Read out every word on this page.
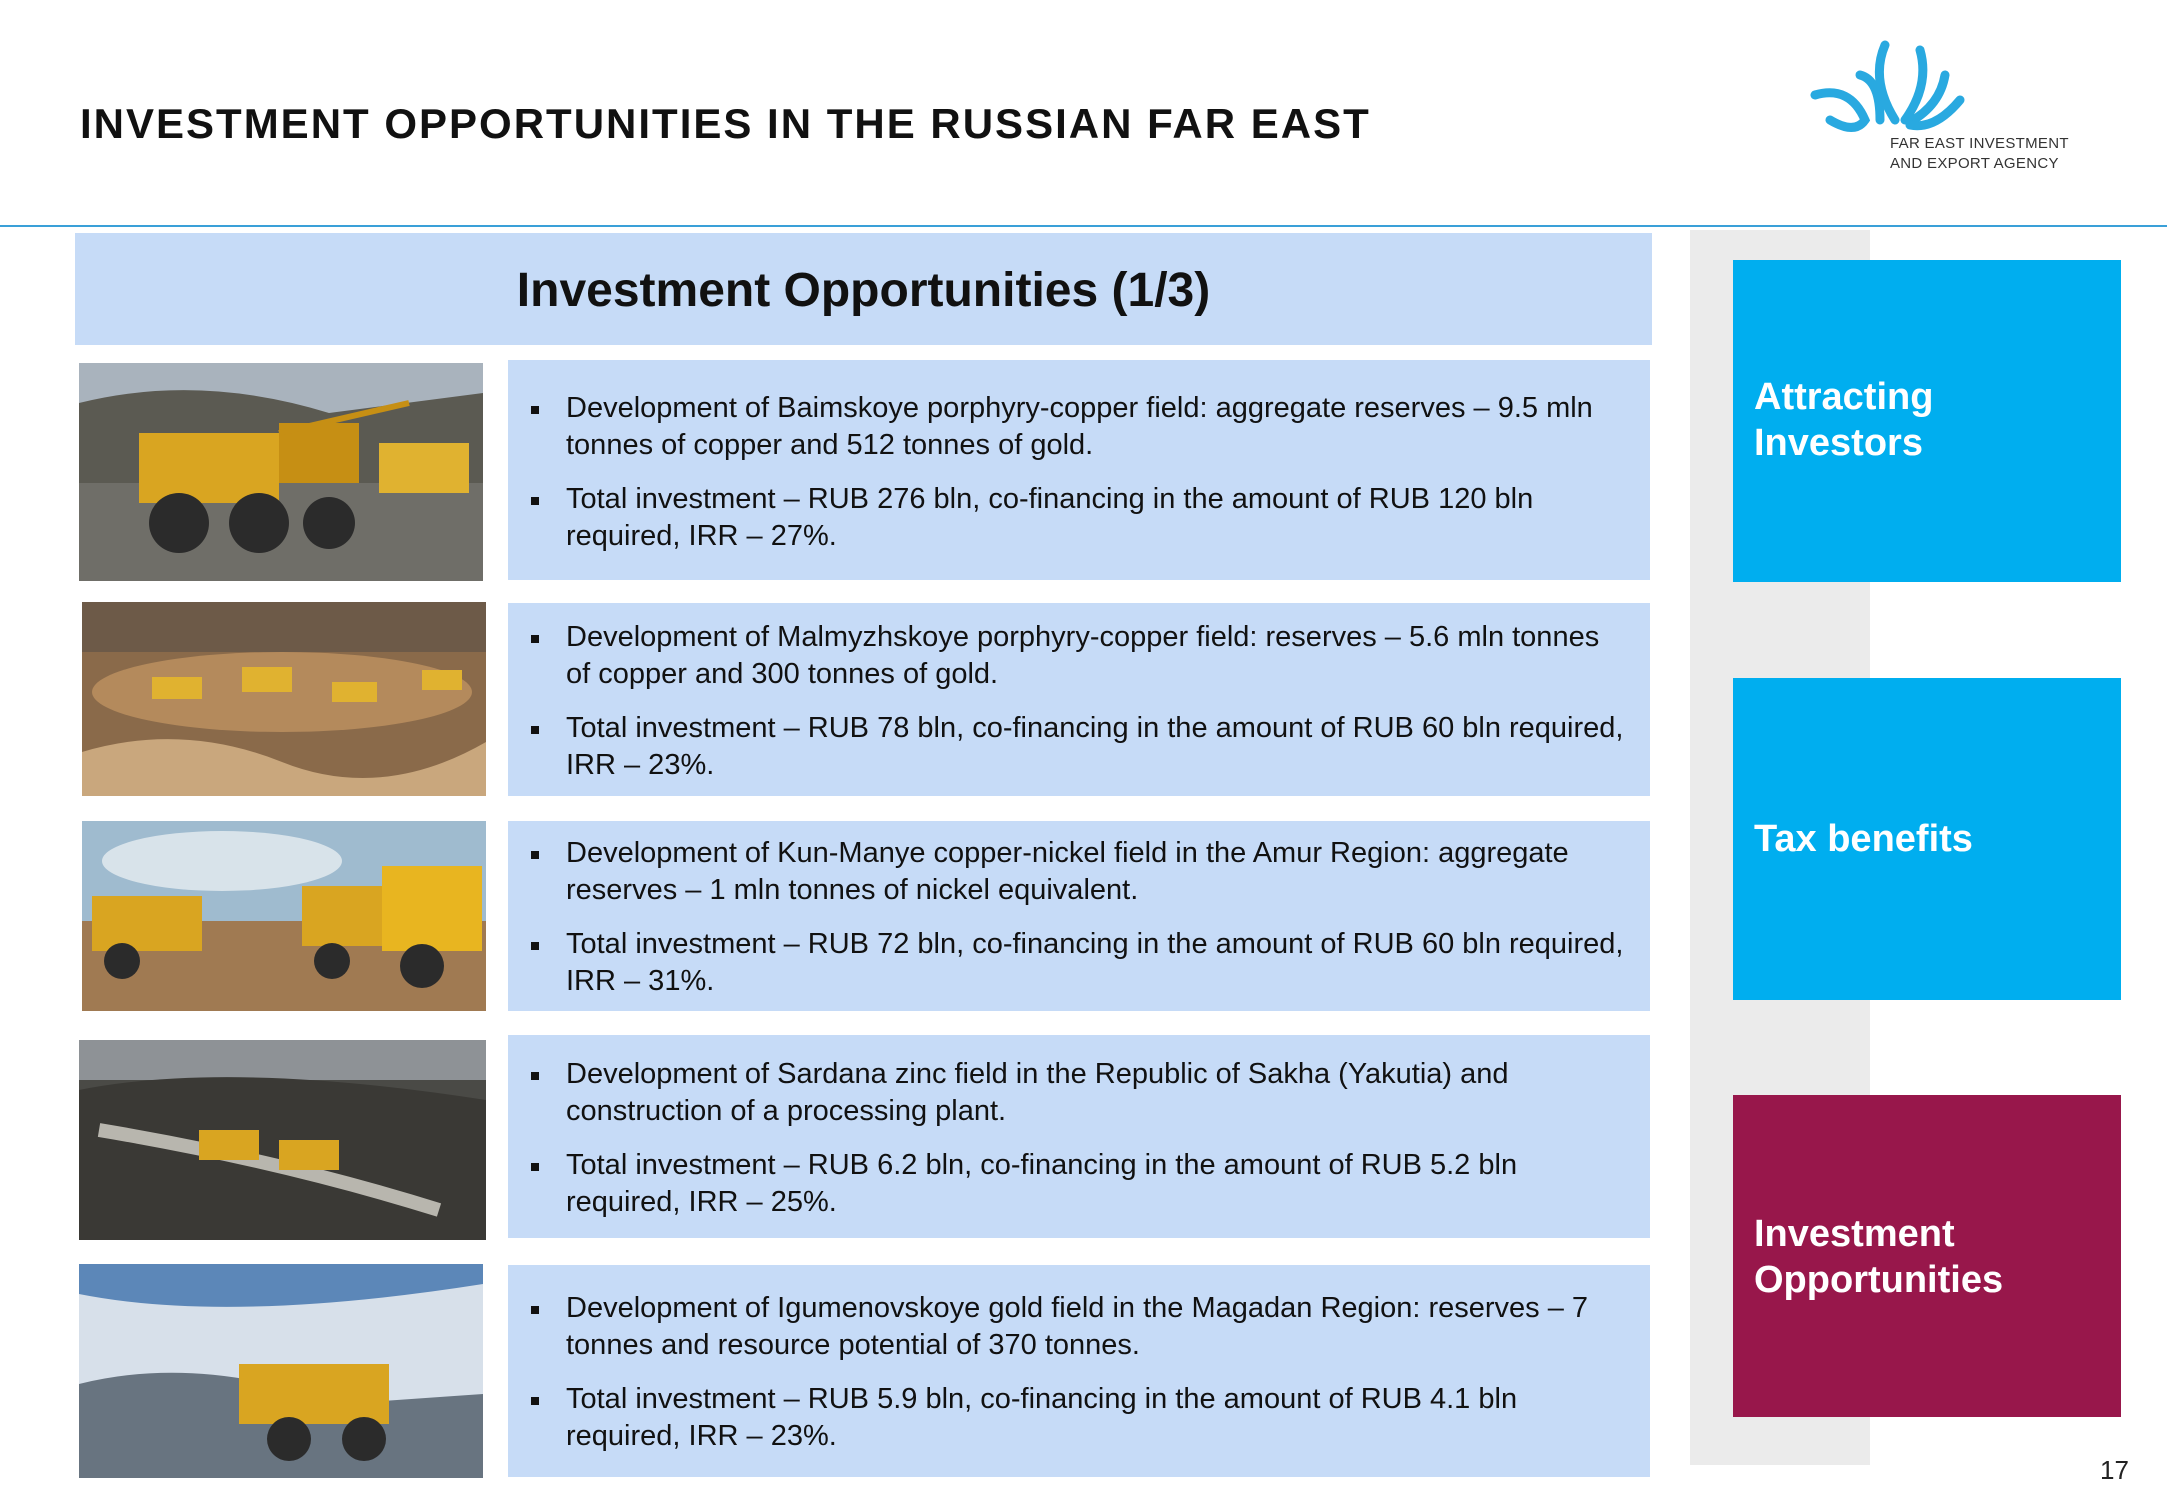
INVESTMENT OPPORTUNITIES IN THE RUSSIAN FAR EAST	FAR EAST INVESTMENT
AND EXPORT AGENCY
Investment Opportunities (1/3)
Development of Baimskoye porphyry-copper field: aggregate reserves – 9.5 mln tonnes of copper and 512 tonnes of gold.
Total investment – RUB 276 bln, co-financing in the amount of RUB 120 bln required, IRR – 27%.
Development of Malmyzhskoye porphyry-copper field: reserves – 5.6 mln tonnes of copper and 300 tonnes of gold.
Total investment – RUB 78 bln, co-financing in the amount of RUB 60 bln required, IRR – 23%.
Development of Kun-Manye copper-nickel field in the Amur Region: aggregate reserves – 1 mln tonnes of nickel equivalent.
Total investment – RUB 72 bln, co-financing in the amount of RUB 60 bln required, IRR – 31%.
Development of Sardana zinc field in the Republic of Sakha (Yakutia) and construction of a processing plant.
Total investment – RUB 6.2 bln, co-financing in the amount of RUB 5.2 bln required, IRR – 25%.
Development of Igumenovskoye gold field in the Magadan Region: reserves – 7 tonnes and resource potential of 370 tonnes.
Total investment – RUB 5.9 bln, co-financing in the amount of RUB 4.1 bln required, IRR – 23%.
Attracting Investors
Tax benefits
Investment Opportunities
17
